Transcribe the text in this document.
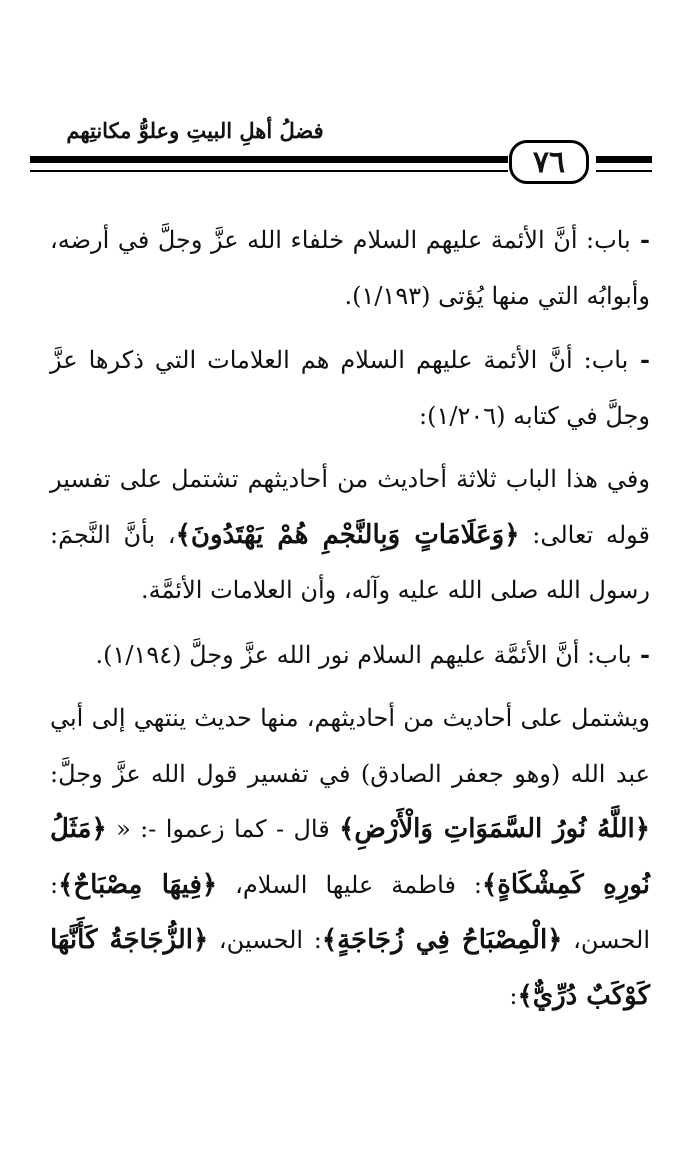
فضلُ أهلِ البيتِ وعلوُّ مكانتِهم
٧٦

- باب: أنَّ الأئمة عليهم السلام خلفاء الله عزَّ وجلَّ في أرضه، وأبوابُه التي منها يُؤتى (١/١٩٣).

- باب: أنَّ الأئمة عليهم السلام هم العلامات التي ذكرها عزَّ وجلَّ في كتابه (١/٢٠٦):

وفي هذا الباب ثلاثة أحاديث من أحاديثهم تشتمل على تفسير قوله تعالى: ﴿وَعَلَامَاتٍ وَبِالنَّجْمِ هُمْ يَهْتَدُونَ﴾، بأنَّ النَّجمَ: رسول الله صلى الله عليه وآله، وأن العلامات الأئمَّة.

- باب: أنَّ الأئمَّة عليهم السلام نور الله عزَّ وجلَّ (١/١٩٤).

ويشتمل على أحاديث من أحاديثهم، منها حديث ينتهي إلى أبي عبد الله (وهو جعفر الصادق) في تفسير قول الله عزَّ وجلَّ: ﴿اللَّهُ نُورُ السَّمَوَاتِ وَالْأَرْضِ﴾ قال - كما زعموا -: « ﴿مَثَلُ نُورِهِ كَمِشْكَاةٍ﴾: فاطمة عليها السلام، ﴿فِيهَا مِصْبَاحٌ﴾: الحسن، ﴿الْمِصْبَاحُ فِي زُجَاجَةٍ﴾: الحسين، ﴿الزُّجَاجَةُ كَأَنَّهَا كَوْكَبٌ دُرِّيٌّ﴾:
